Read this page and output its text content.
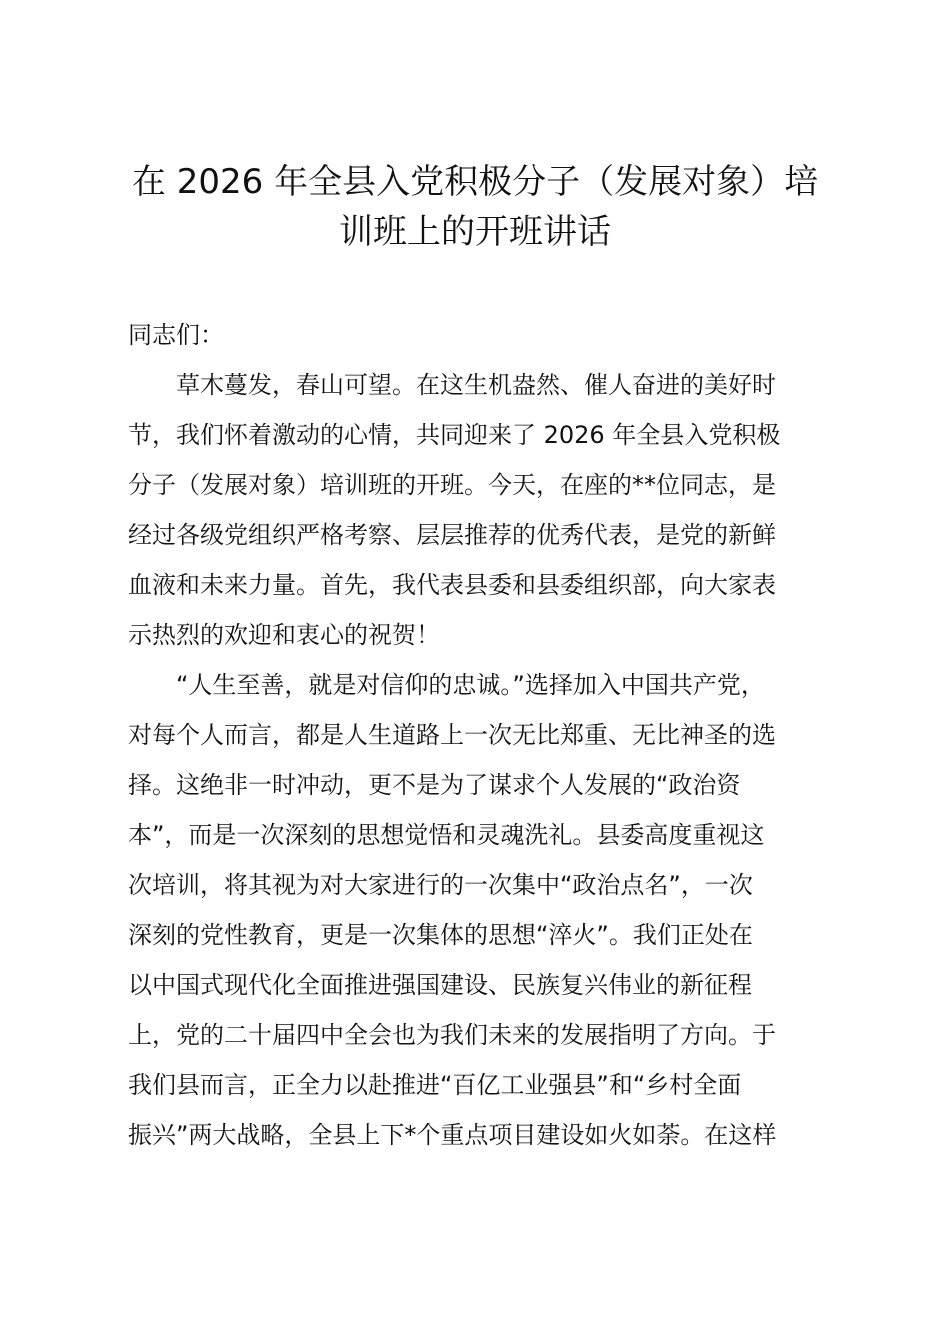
在 2026 年全县入党积极分子（发展对象）培
训班上的开班讲话
同志们：
草木蔓发，春山可望。在这生机盎然、催人奋进的美好时
节，我们怀着激动的心情，共同迎来了 2026 年全县入党积极
分子（发展对象）培训班的开班。今天，在座的**位同志，是
经过各级党组织严格考察、层层推荐的优秀代表，是党的新鲜
血液和未来力量。首先，我代表县委和县委组织部，向大家表
示热烈的欢迎和衷心的祝贺！
“人生至善，就是对信仰的忠诚。”选择加入中国共产党，
对每个人而言，都是人生道路上一次无比郑重、无比神圣的选
择。这绝非一时冲动，更不是为了谋求个人发展的“政治资
本”，而是一次深刻的思想觉悟和灵魂洗礼。县委高度重视这
次培训，将其视为对大家进行的一次集中“政治点名”，一次
深刻的党性教育，更是一次集体的思想“淬火”。我们正处在
以中国式现代化全面推进强国建设、民族复兴伟业的新征程
上，党的二十届四中全会也为我们未来的发展指明了方向。于
我们县而言，正全力以赴推进“百亿工业强县”和“乡村全面
振兴”两大战略，全县上下*个重点项目建设如火如荼。在这样
